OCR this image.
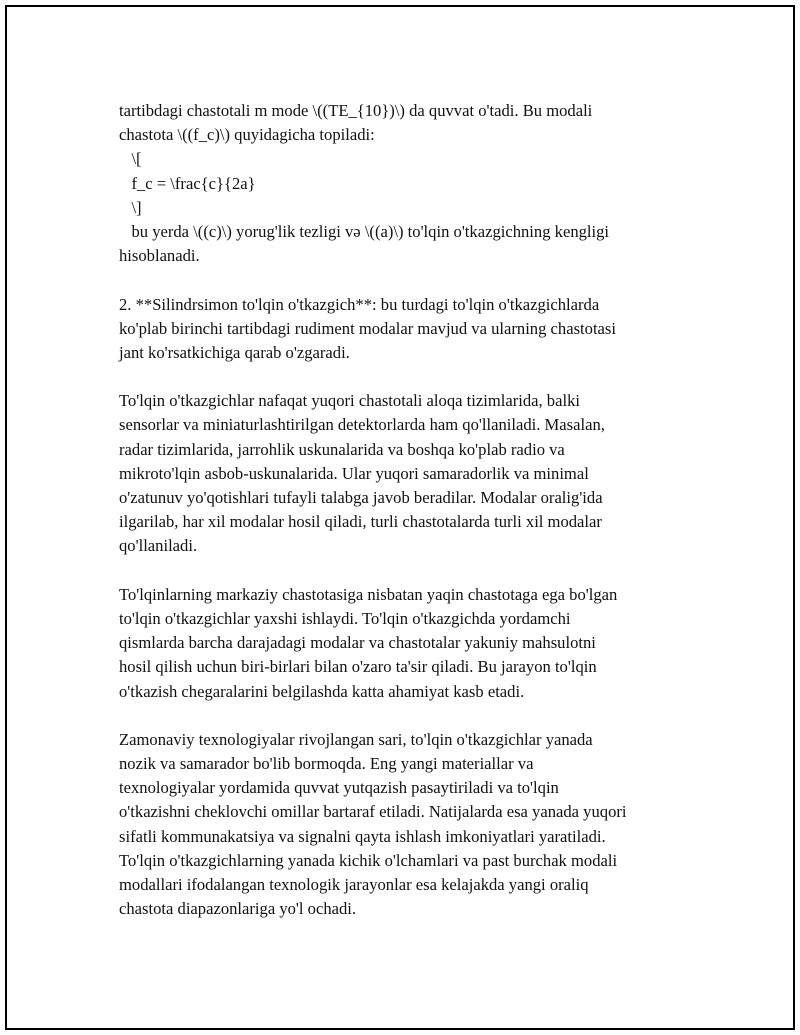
tartibdagi chastotali m mode \((TE_{10})\) da quvvat o'tadi. Bu modali
chastota \((f_c)\) quyidagicha topiladi:
\[
f_c = \frac{c}{2a}
\]
bu yerda \((c)\) yorug'lik tezligi və \((a)\) to'lqin o'tkazgichning kengligi
hisoblanadi.
2. **Silindrsimon to'lqin o'tkazgich**: bu turdagi to'lqin o'tkazgichlarda
ko'plab birinchi tartibdagi rudiment modalar mavjud va ularning chastotasi
jant ko'rsatkichiga qarab o'zgaradi.
To'lqin o'tkazgichlar nafaqat yuqori chastotali aloqa tizimlarida, balki
sensorlar va miniaturlashtirilgan detektorlarda ham qo'llaniladi. Masalan,
radar tizimlarida, jarrohlik uskunalarida va boshqa ko'plab radio va
mikroto'lqin asbob-uskunalarida. Ular yuqori samaradorlik va minimal
o'zatunuv yo'qotishlari tufayli talabga javob beradilar. Modalar oralig'ida
ilgarilab, har xil modalar hosil qiladi, turli chastotalarda turli xil modalar
qo'llaniladi.
To'lqinlarning markaziy chastotasiga nisbatan yaqin chastotaga ega bo'lgan
to'lqin o'tkazgichlar yaxshi ishlaydi. To'lqin o'tkazgichda yordamchi
qismlarda barcha darajadagi modalar va chastotalar yakuniy mahsulotni
hosil qilish uchun biri-birlari bilan o'zaro ta'sir qiladi. Bu jarayon to'lqin
o'tkazish chegaralarini belgilashda katta ahamiyat kasb etadi.
Zamonaviy texnologiyalar rivojlangan sari, to'lqin o'tkazgichlar yanada
nozik va samarador bo'lib bormoqda. Eng yangi materiallar va
texnologiyalar yordamida quvvat yutqazish pasaytiriladi va to'lqin
o'tkazishni cheklovchi omillar bartaraf etiladi. Natijalarda esa yanada yuqori
sifatli kommunakatsiya va signalni qayta ishlash imkoniyatlari yaratiladi.
To'lqin o'tkazgichlarning yanada kichik o'lchamlari va past burchak modali
modallari ifodalangan texnologik jarayonlar esa kelajakda yangi oraliq
chastota diapazonlariga yo'l ochadi.
